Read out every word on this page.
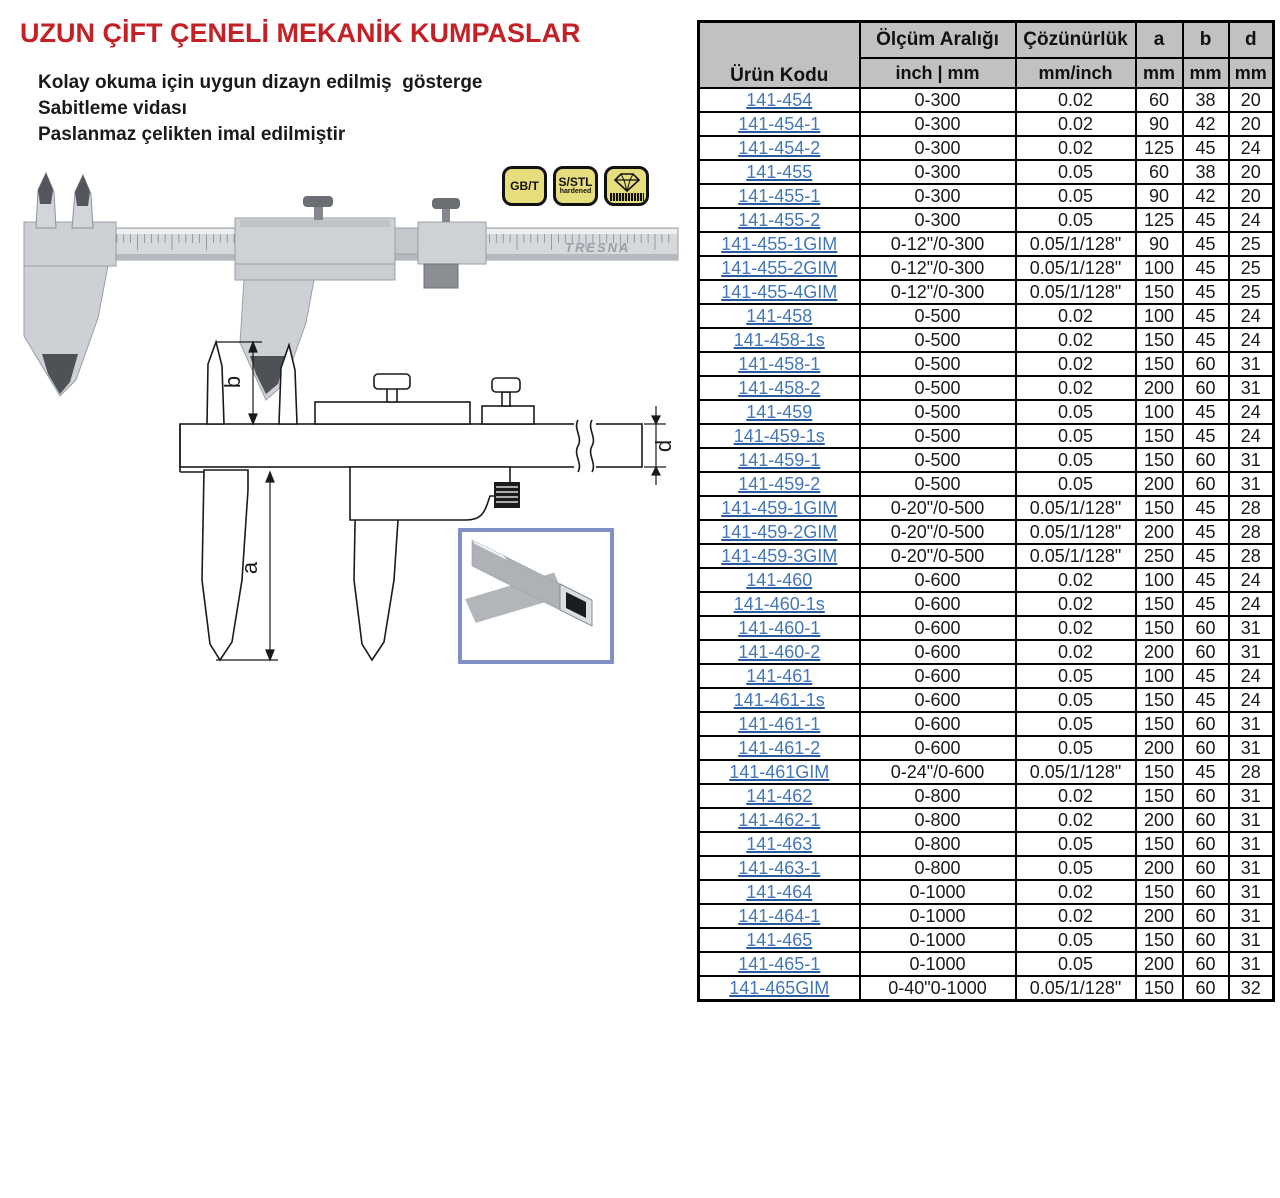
UZUN ÇİFT ÇENELİ MEKANİK KUMPASLAR
Kolay okuma için uygun dizayn edilmiş  gösterge
Sabitleme vidası
Paslanmaz çelikten imal edilmiştir
GB/T S/STL
hardened
TRESNA
b
a
d
Ürün Kodu	Ölçüm Aralığı	Çözünürlük	a	b	d
	inch | mm	mm/inch	mm	mm	mm
141-454	0-300	0.02	60	38	20
141-454-1	0-300	0.02	90	42	20
141-454-2	0-300	0.02	125	45	24
141-455	0-300	0.05	60	38	20
141-455-1	0-300	0.05	90	42	20
141-455-2	0-300	0.05	125	45	24
141-455-1GIM	0-12"/0-300	0.05/1/128"	90	45	25
141-455-2GIM	0-12"/0-300	0.05/1/128"	100	45	25
141-455-4GIM	0-12"/0-300	0.05/1/128"	150	45	25
141-458	0-500	0.02	100	45	24
141-458-1s	0-500	0.02	150	45	24
141-458-1	0-500	0.02	150	60	31
141-458-2	0-500	0.02	200	60	31
141-459	0-500	0.05	100	45	24
141-459-1s	0-500	0.05	150	45	24
141-459-1	0-500	0.05	150	60	31
141-459-2	0-500	0.05	200	60	31
141-459-1GIM	0-20"/0-500	0.05/1/128"	150	45	28
141-459-2GIM	0-20"/0-500	0.05/1/128"	200	45	28
141-459-3GIM	0-20"/0-500	0.05/1/128"	250	45	28
141-460	0-600	0.02	100	45	24
141-460-1s	0-600	0.02	150	45	24
141-460-1	0-600	0.02	150	60	31
141-460-2	0-600	0.02	200	60	31
141-461	0-600	0.05	100	45	24
141-461-1s	0-600	0.05	150	45	24
141-461-1	0-600	0.05	150	60	31
141-461-2	0-600	0.05	200	60	31
141-461GIM	0-24"/0-600	0.05/1/128"	150	45	28
141-462	0-800	0.02	150	60	31
141-462-1	0-800	0.02	200	60	31
141-463	0-800	0.05	150	60	31
141-463-1	0-800	0.05	200	60	31
141-464	0-1000	0.02	150	60	31
141-464-1	0-1000	0.02	200	60	31
141-465	0-1000	0.05	150	60	31
141-465-1	0-1000	0.05	200	60	31
141-465GIM	0-40"0-1000	0.05/1/128"	150	60	32
